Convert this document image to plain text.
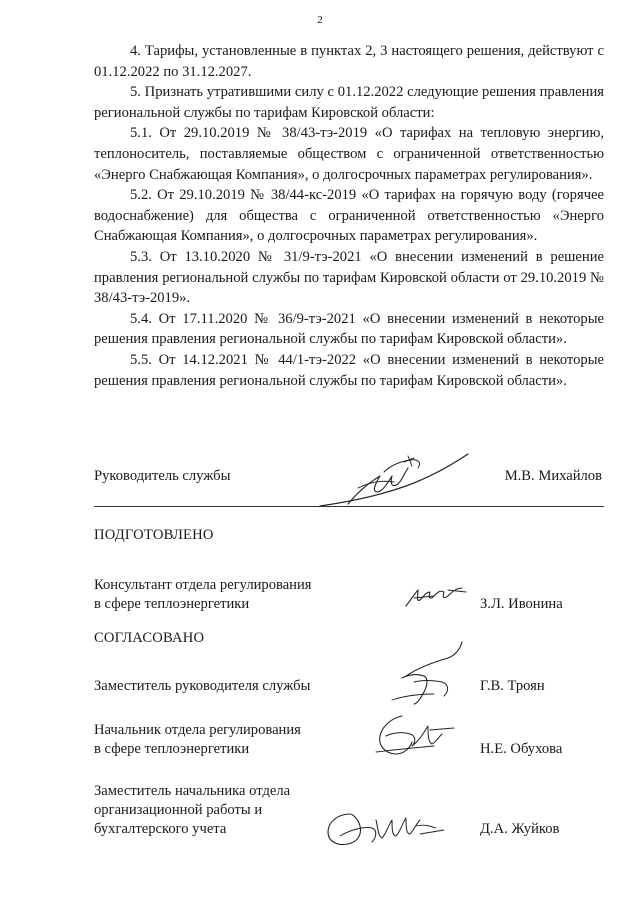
2

4. Тарифы, установленные в пунктах 2, 3 настоящего решения, действуют с 01.12.2022 по 31.12.2027.

5. Признать утратившими силу с 01.12.2022 следующие решения правления региональной службы по тарифам Кировской области:

5.1. От 29.10.2019 № 38/43-тэ-2019 «О тарифах на тепловую энергию, теплоноситель, поставляемые обществом с ограниченной ответственностью «Энерго Снабжающая Компания», о долгосрочных параметрах регулирования».

5.2. От 29.10.2019 № 38/44-кс-2019 «О тарифах на горячую воду (горячее водоснабжение) для общества с ограниченной ответственностью «Энерго Снабжающая Компания», о долгосрочных параметрах регулирования».

5.3. От 13.10.2020 № 31/9-тэ-2021 «О внесении изменений в решение правления региональной службы по тарифам Кировской области от 29.10.2019 № 38/43-тэ-2019».

5.4. От 17.11.2020 № 36/9-тэ-2021 «О внесении изменений в некоторые решения правления региональной службы по тарифам Кировской области».

5.5. От 14.12.2021 № 44/1-тэ-2022 «О внесении изменений в некоторые решения правления региональной службы по тарифам Кировской области».

Руководитель службы	М.В. Михайлов
ПОДГОТОВЛЕНО
Консультант отдела регулирования
в сфере теплоэнергетики	З.Л. Ивонина
СОГЛАСОВАНО
Заместитель руководителя службы	Г.В. Троян
Начальник отдела регулирования
в сфере теплоэнергетики	Н.Е. Обухова
Заместитель начальника отдела
организационной работы и
бухгалтерского учета	Д.А. Жуйков
